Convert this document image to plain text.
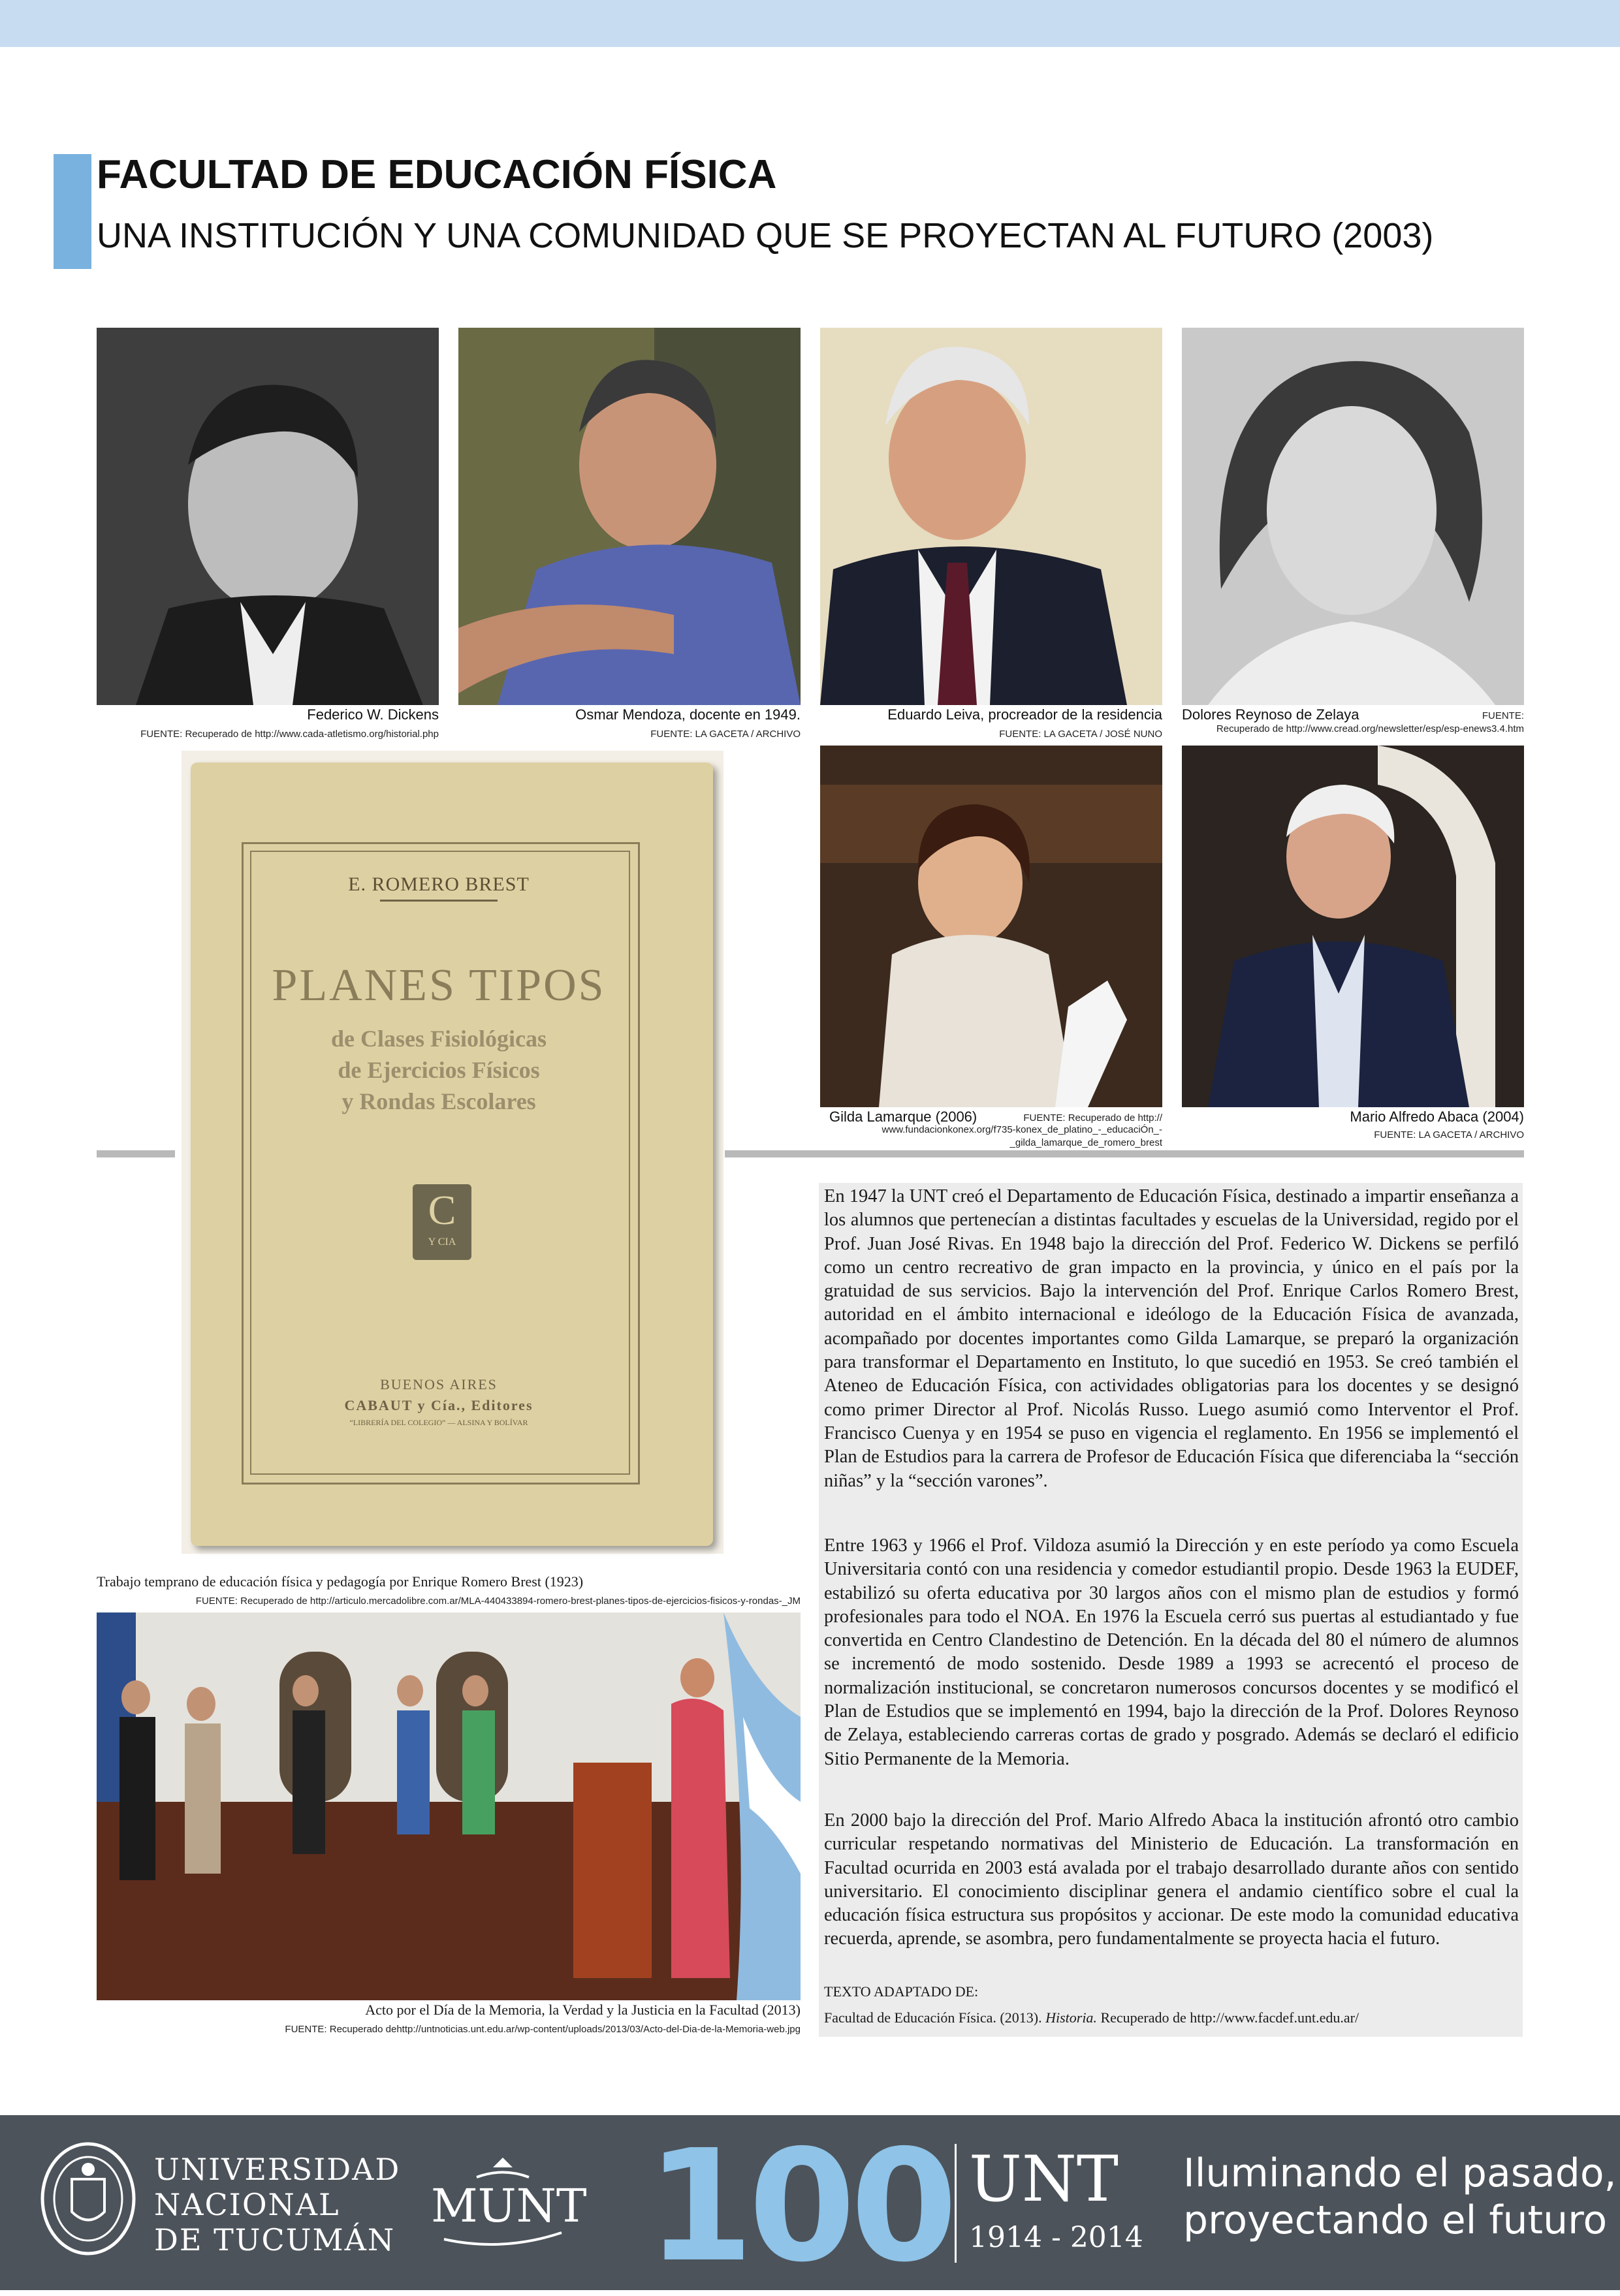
FACULTAD DE EDUCACIÓN FÍSICA
UNA INSTITUCIÓN Y UNA COMUNIDAD QUE SE PROYECTAN AL FUTURO (2003)
Federico W. Dickens
FUENTE: Recuperado de http://www.cada-atletismo.org/historial.php
Osmar Mendoza, docente en 1949.
FUENTE: LA GACETA / ARCHIVO
Eduardo Leiva, procreador de la residencia
FUENTE: LA GACETA / JOSÉ NUNO
Dolores Reynoso de Zelaya	FUENTE:
Recuperado de http://www.cread.org/newsletter/esp/esp-enews3.4.htm
Gilda Lamarque (2006)	FUENTE: Recuperado de http://
www.fundacionkonex.org/f735-konex_de_platino_-_educaciÓn_-
_gilda_lamarque_de_romero_brest
Mario Alfredo Abaca (2004)
FUENTE: LA GACETA / ARCHIVO
E. ROMERO BREST
PLANES TIPOS
de Clases Fisiológicas
de Ejercicios Físicos
y Rondas Escolares
C
Y CIA
BUENOS AIRES
CABAUT y Cía., Editores
“LIBRERÍA DEL COLEGIO” — ALSINA Y BOLÍVAR
Trabajo temprano de educación física y pedagogía por Enrique Romero Brest (1923)
FUENTE: Recuperado de http://articulo.mercadolibre.com.ar/MLA-440433894-romero-brest-planes-tipos-de-ejercicios-fisicos-y-rondas-_JM
Acto por el Día de la Memoria, la Verdad y la Justicia en la Facultad (2013)
FUENTE: Recuperado dehttp://untnoticias.unt.edu.ar/wp-content/uploads/2013/03/Acto-del-Dia-de-la-Memoria-web.jpg

En 1947 la UNT creó el Departamento de Educación Física, destinado a impartir enseñanza a los alumnos que pertenecían a distintas facultades y escuelas de la Universidad, regido por el Prof. Juan José Rivas. En 1948 bajo la dirección del Prof. Federico W. Dickens se perfiló como un centro recreativo de gran impacto en la provincia, y único en el país por la gratuidad de sus servicios. Bajo la intervención del Prof. Enrique Carlos Romero Brest, autoridad en el ámbito internacional e ideólogo de la Educación Física de avanzada, acompañado por docentes importantes como Gilda Lamarque, se preparó la organización para transformar el Departamento en Instituto, lo que sucedió en 1953. Se creó también el Ateneo de Educación Física, con actividades obligatorias para los docentes y se designó como primer Director al Prof. Nicolás Russo. Luego asumió como Interventor el Prof. Francisco Cuenya y en 1954 se puso en vigencia el reglamento. En 1956 se implementó el Plan de Estudios para la carrera de Profesor de Educación Física que diferenciaba la “sección niñas” y la “sección varones”.

Entre 1963 y 1966 el Prof. Vildoza asumió la Dirección y en este período ya como Escuela Universitaria contó con una residencia y comedor estudiantil propio. Desde 1963 la EUDEF, estabilizó su oferta educativa por 30 largos años con el mismo plan de estudios y formó profesionales para todo el NOA. En 1976 la Escuela cerró sus puertas al estudiantado y fue convertida en Centro Clandestino de Detención. En la década del 80 el número de alumnos se incrementó de modo sostenido. Desde 1989 a 1993 se acrecentó el proceso de normalización institucional, se concretaron numerosos concursos docentes y se modificó el Plan de Estudios que se implementó en 1994, bajo la dirección de la Prof. Dolores Reynoso de Zelaya, estableciendo carreras cortas de grado y posgrado. Además se declaró el edificio Sitio Permanente de la Memoria.

En 2000 bajo la dirección del Prof. Mario Alfredo Abaca la institución afrontó otro cambio curricular respetando normativas del Ministerio de Educación. La transformación en Facultad ocurrida en 2003 está avalada por el trabajo desarrollado durante años con sentido universitario. El conocimiento disciplinar genera el andamio científico sobre el cual la educación física estructura sus propósitos y accionar. De este modo la comunidad educativa recuerda, aprende, se asombra, pero fundamentalmente se proyecta hacia el futuro.

TEXTO ADAPTADO DE:
Facultad de Educación Física. (2013). Historia. Recuperado de http://www.facdef.unt.edu.ar/
UNIVERSIDAD
NACIONAL
DE TUCUMÁN
MUNT 100 UNT
1914 - 2014
Iluminando el pasado,
proyectando el futuro
